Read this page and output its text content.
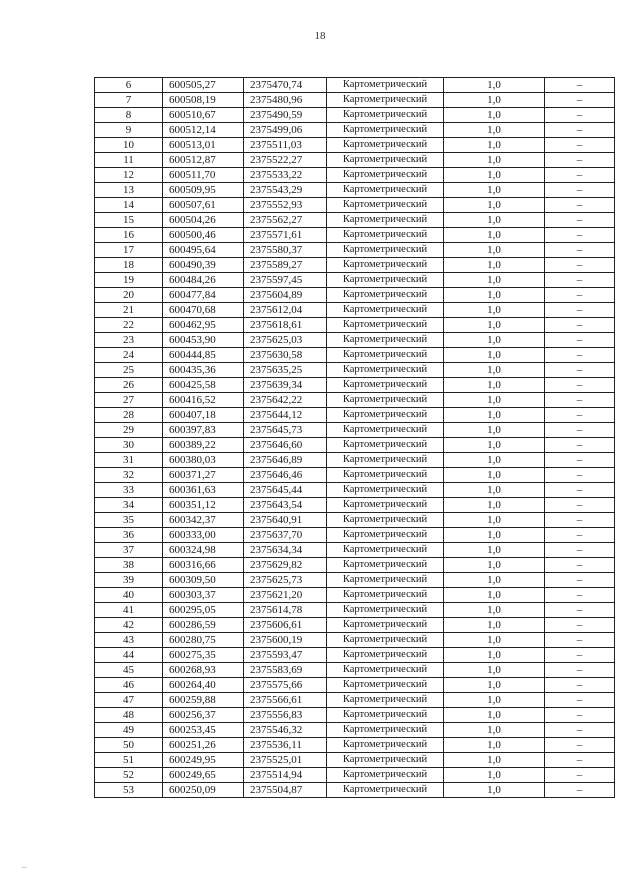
18
6	600505,27	2375470,74	Картометрический	1,0	–
7	600508,19	2375480,96	Картометрический	1,0	–
8	600510,67	2375490,59	Картометрический	1,0	–
9	600512,14	2375499,06	Картометрический	1,0	–
10	600513,01	2375511,03	Картометрический	1,0	–
11	600512,87	2375522,27	Картометрический	1,0	–
12	600511,70	2375533,22	Картометрический	1,0	–
13	600509,95	2375543,29	Картометрический	1,0	–
14	600507,61	2375552,93	Картометрический	1,0	–
15	600504,26	2375562,27	Картометрический	1,0	–
16	600500,46	2375571,61	Картометрический	1,0	–
17	600495,64	2375580,37	Картометрический	1,0	–
18	600490,39	2375589,27	Картометрический	1,0	–
19	600484,26	2375597,45	Картометрический	1,0	–
20	600477,84	2375604,89	Картометрический	1,0	–
21	600470,68	2375612,04	Картометрический	1,0	–
22	600462,95	2375618,61	Картометрический	1,0	–
23	600453,90	2375625,03	Картометрический	1,0	–
24	600444,85	2375630,58	Картометрический	1,0	–
25	600435,36	2375635,25	Картометрический	1,0	–
26	600425,58	2375639,34	Картометрический	1,0	–
27	600416,52	2375642,22	Картометрический	1,0	–
28	600407,18	2375644,12	Картометрический	1,0	–
29	600397,83	2375645,73	Картометрический	1,0	–
30	600389,22	2375646,60	Картометрический	1,0	–
31	600380,03	2375646,89	Картометрический	1,0	–
32	600371,27	2375646,46	Картометрический	1,0	–
33	600361,63	2375645,44	Картометрический	1,0	–
34	600351,12	2375643,54	Картометрический	1,0	–
35	600342,37	2375640,91	Картометрический	1,0	–
36	600333,00	2375637,70	Картометрический	1,0	–
37	600324,98	2375634,34	Картометрический	1,0	–
38	600316,66	2375629,82	Картометрический	1,0	–
39	600309,50	2375625,73	Картометрический	1,0	–
40	600303,37	2375621,20	Картометрический	1,0	–
41	600295,05	2375614,78	Картометрический	1,0	–
42	600286,59	2375606,61	Картометрический	1,0	–
43	600280,75	2375600,19	Картометрический	1,0	–
44	600275,35	2375593,47	Картометрический	1,0	–
45	600268,93	2375583,69	Картометрический	1,0	–
46	600264,40	2375575,66	Картометрический	1,0	–
47	600259,88	2375566,61	Картометрический	1,0	–
48	600256,37	2375556,83	Картометрический	1,0	–
49	600253,45	2375546,32	Картометрический	1,0	–
50	600251,26	2375536,11	Картометрический	1,0	–
51	600249,95	2375525,01	Картометрический	1,0	–
52	600249,65	2375514,94	Картометрический	1,0	–
53	600250,09	2375504,87	Картометрический	1,0	–
–
